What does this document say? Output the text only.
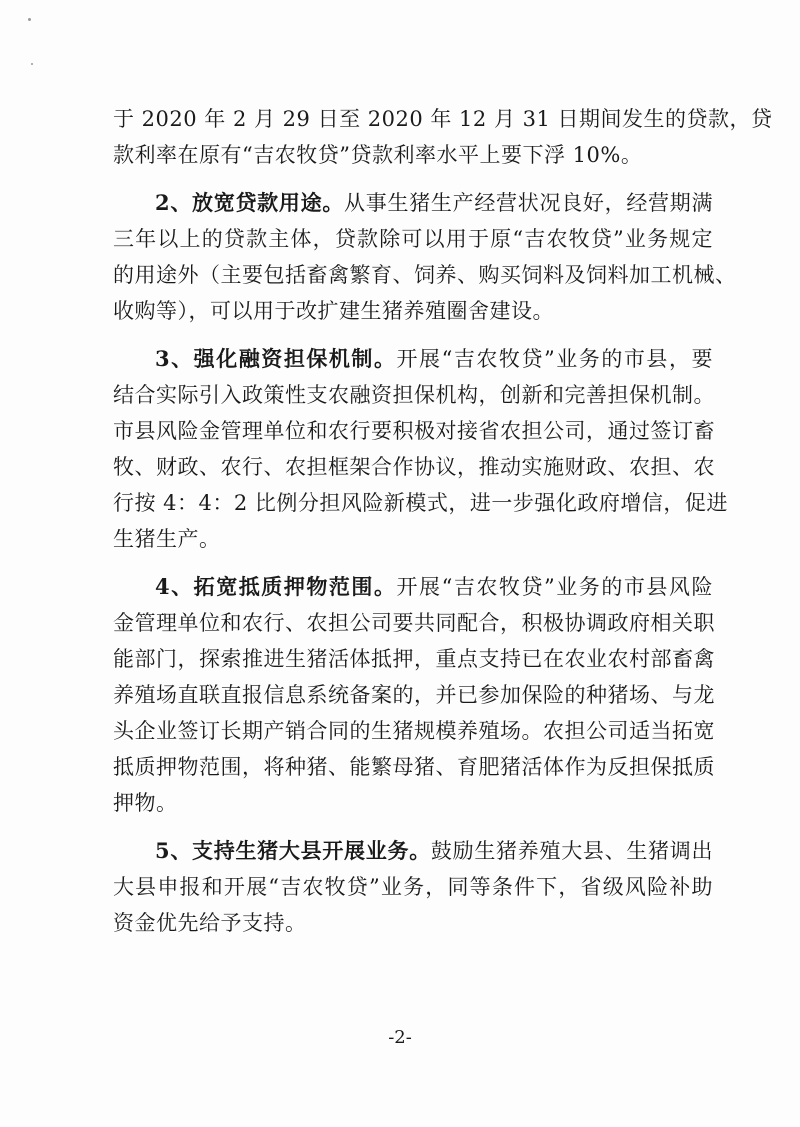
于 2020 年 2 月 29 日至 2020 年 12 月 31 日期间发生的贷款，贷
款利率在原有“吉农牧贷”贷款利率水平上要下浮 10%。
2、放宽贷款用途。从事生猪生产经营状况良好，经营期满
三年以上的贷款主体，贷款除可以用于原“吉农牧贷”业务规定
的用途外（主要包括畜禽繁育、饲养、购买饲料及饲料加工机械、
收购等），可以用于改扩建生猪养殖圈舍建设。
3、强化融资担保机制。开展“吉农牧贷”业务的市县，要
结合实际引入政策性支农融资担保机构，创新和完善担保机制。
市县风险金管理单位和农行要积极对接省农担公司，通过签订畜
牧、财政、农行、农担框架合作协议，推动实施财政、农担、农
行按 4：4：2 比例分担风险新模式，进一步强化政府增信，促进
生猪生产。
4、拓宽抵质押物范围。开展“吉农牧贷”业务的市县风险
金管理单位和农行、农担公司要共同配合，积极协调政府相关职
能部门，探索推进生猪活体抵押，重点支持已在农业农村部畜禽
养殖场直联直报信息系统备案的，并已参加保险的种猪场、与龙
头企业签订长期产销合同的生猪规模养殖场。农担公司适当拓宽
抵质押物范围，将种猪、能繁母猪、育肥猪活体作为反担保抵质
押物。
5、支持生猪大县开展业务。鼓励生猪养殖大县、生猪调出
大县申报和开展“吉农牧贷”业务，同等条件下，省级风险补助
资金优先给予支持。
-2-
